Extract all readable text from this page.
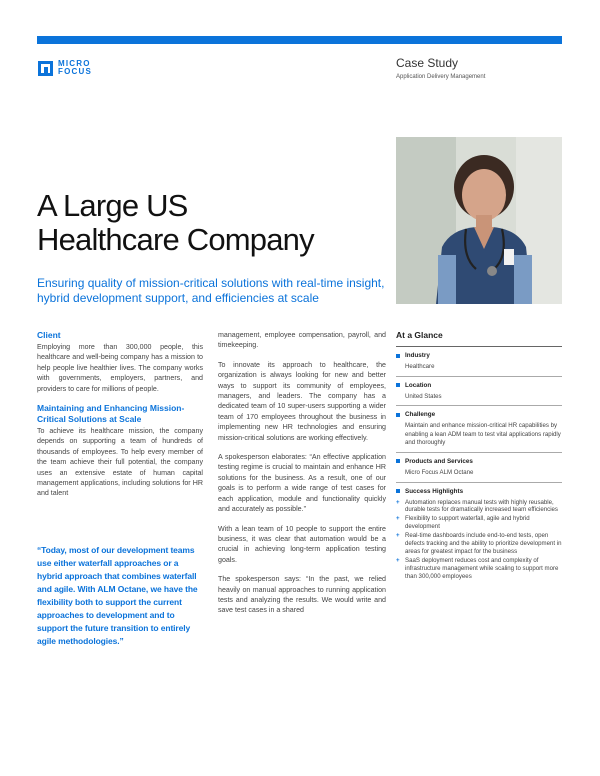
MICRO
FOCUS
Case Study
Application Delivery Management
A Large US
Healthcare Company
Ensuring quality of mission-critical solutions with real-time insight, hybrid development support, and efficiencies at scale
Client

Employing more than 300,000 people, this healthcare and well-being company has a mission to help people live healthier lives. The company works with governments, employers, partners, and providers to care for millions of people.

Maintaining and Enhancing Mission-Critical Solutions at Scale

To achieve its healthcare mission, the company depends on supporting a team of hundreds of thousands of employees. To help every member of the team achieve their full potential, the company uses an extensive estate of human capital management applications, including solutions for HR and talent

“Today, most of our development teams use either waterfall approaches or a hybrid approach that combines waterfall and agile. With ALM Octane, we have the flexibility both to support the current approaches to development and to support the future transition to entirely agile methodologies.”

management, employee compensation, payroll, and timekeeping.

To innovate its approach to healthcare, the organization is always looking for new and better ways to support its community of employees, managers, and leaders. The company has a dedicated team of 10 super-users supporting a wider team of 170 employees throughout the business in implementing new HR technologies and ensuring mission-critical solutions are working effectively.

A spokesperson elaborates: “An effective application testing regime is crucial to maintain and enhance HR solutions for the business. As a result, one of our goals is to perform a wide range of test cases for each application, module and functionality quickly and accurately as possible.”

With a lean team of 10 people to support the entire business, it was clear that automation would be a crucial in achieving long-term application testing goals.

The spokesperson says: “In the past, we relied heavily on manual approaches to running application tests and analyzing the results. We would write and save test cases in a shared

At a Glance
Industry
Healthcare
Location
United States
Challenge
Maintain and enhance mission-critical HR capabilities by enabling a lean ADM team to test vital applications rapidly and thoroughly
Products and Services
Micro Focus ALM Octane
Success Highlights
+ Automation replaces manual tests with highly reusable, durable tests for dramatically increased team efficiencies
+ Flexibility to support waterfall, agile and hybrid development
+ Real-time dashboards include end-to-end tests, open defects tracking and the ability to prioritize development in areas for greatest impact for the business
+ SaaS deployment reduces cost and complexity of infrastructure management while scaling to support more than 300,000 employees
